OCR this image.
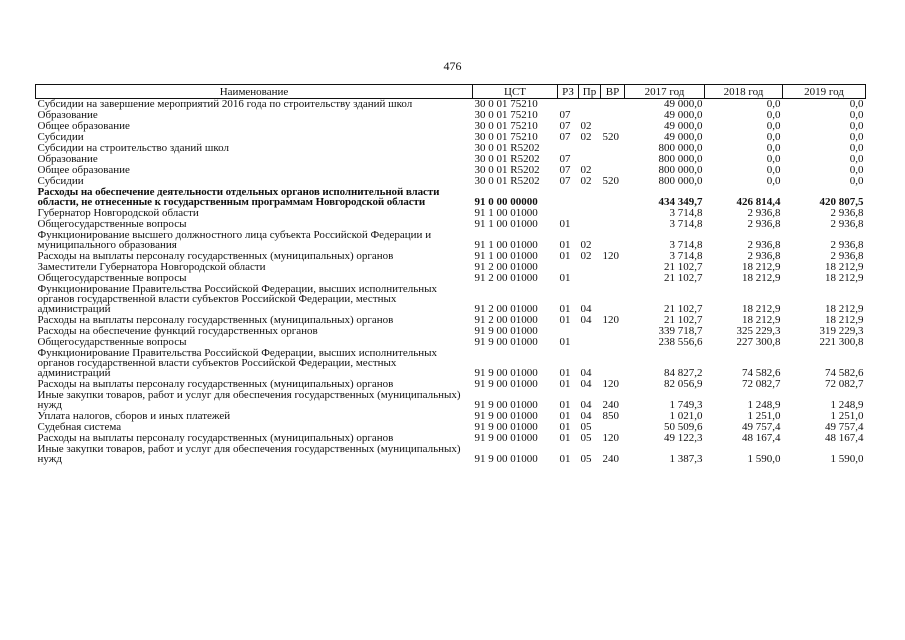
476
Наименование	ЦСТ	РЗ	Пр	ВР	2017 год	2018 год	2019 год
Субсидии на завершение мероприятий 2016 года по строительству зданий школ	30 0 01 75210				49 000,0	0,0	0,0
Образование	30 0 01 75210	07			49 000,0	0,0	0,0
Общее образование	30 0 01 75210	07	02		49 000,0	0,0	0,0
Субсидии	30 0 01 75210	07	02	520	49 000,0	0,0	0,0
Субсидии на строительство зданий школ	30 0 01 R5202				800 000,0	0,0	0,0
Образование	30 0 01 R5202	07			800 000,0	0,0	0,0
Общее образование	30 0 01 R5202	07	02		800 000,0	0,0	0,0
Субсидии	30 0 01 R5202	07	02	520	800 000,0	0,0	0,0
Расходы на обеспечение деятельности отдельных органов исполнительной власти области, не отнесенные к государственным программам Новгородской области	91 0 00 00000				434 349,7	426 814,4	420 807,5
Губернатор Новгородской области	91 1 00 01000				3 714,8	2 936,8	2 936,8
Общегосударственные вопросы	91 1 00 01000	01			3 714,8	2 936,8	2 936,8
Функционирование высшего должностного лица субъекта Российской Федерации и муниципального образования	91 1 00 01000	01	02		3 714,8	2 936,8	2 936,8
Расходы на выплаты персоналу государственных (муниципальных) органов	91 1 00 01000	01	02	120	3 714,8	2 936,8	2 936,8
Заместители Губернатора Новгородской области	91 2 00 01000				21 102,7	18 212,9	18 212,9
Общегосударственные вопросы	91 2 00 01000	01			21 102,7	18 212,9	18 212,9
Функционирование Правительства Российской Федерации, высших исполнительных органов государственной власти субъектов Российской Федерации, местных администраций	91 2 00 01000	01	04		21 102,7	18 212,9	18 212,9
Расходы на выплаты персоналу государственных (муниципальных) органов	91 2 00 01000	01	04	120	21 102,7	18 212,9	18 212,9
Расходы на обеспечение функций государственных органов	91 9 00 01000				339 718,7	325 229,3	319 229,3
Общегосударственные вопросы	91 9 00 01000	01			238 556,6	227 300,8	221 300,8
Функционирование Правительства Российской Федерации, высших исполнительных органов государственной власти субъектов Российской Федерации, местных администраций	91 9 00 01000	01	04		84 827,2	74 582,6	74 582,6
Расходы на выплаты персоналу государственных (муниципальных) органов	91 9 00 01000	01	04	120	82 056,9	72 082,7	72 082,7
Иные закупки товаров, работ и услуг для обеспечения государственных (муниципальных) нужд	91 9 00 01000	01	04	240	1 749,3	1 248,9	1 248,9
Уплата налогов, сборов и иных платежей	91 9 00 01000	01	04	850	1 021,0	1 251,0	1 251,0
Судебная система	91 9 00 01000	01	05		50 509,6	49 757,4	49 757,4
Расходы на выплаты персоналу государственных (муниципальных) органов	91 9 00 01000	01	05	120	49 122,3	48 167,4	48 167,4
Иные закупки товаров, работ и услуг для обеспечения государственных (муниципальных) нужд	91 9 00 01000	01	05	240	1 387,3	1 590,0	1 590,0
